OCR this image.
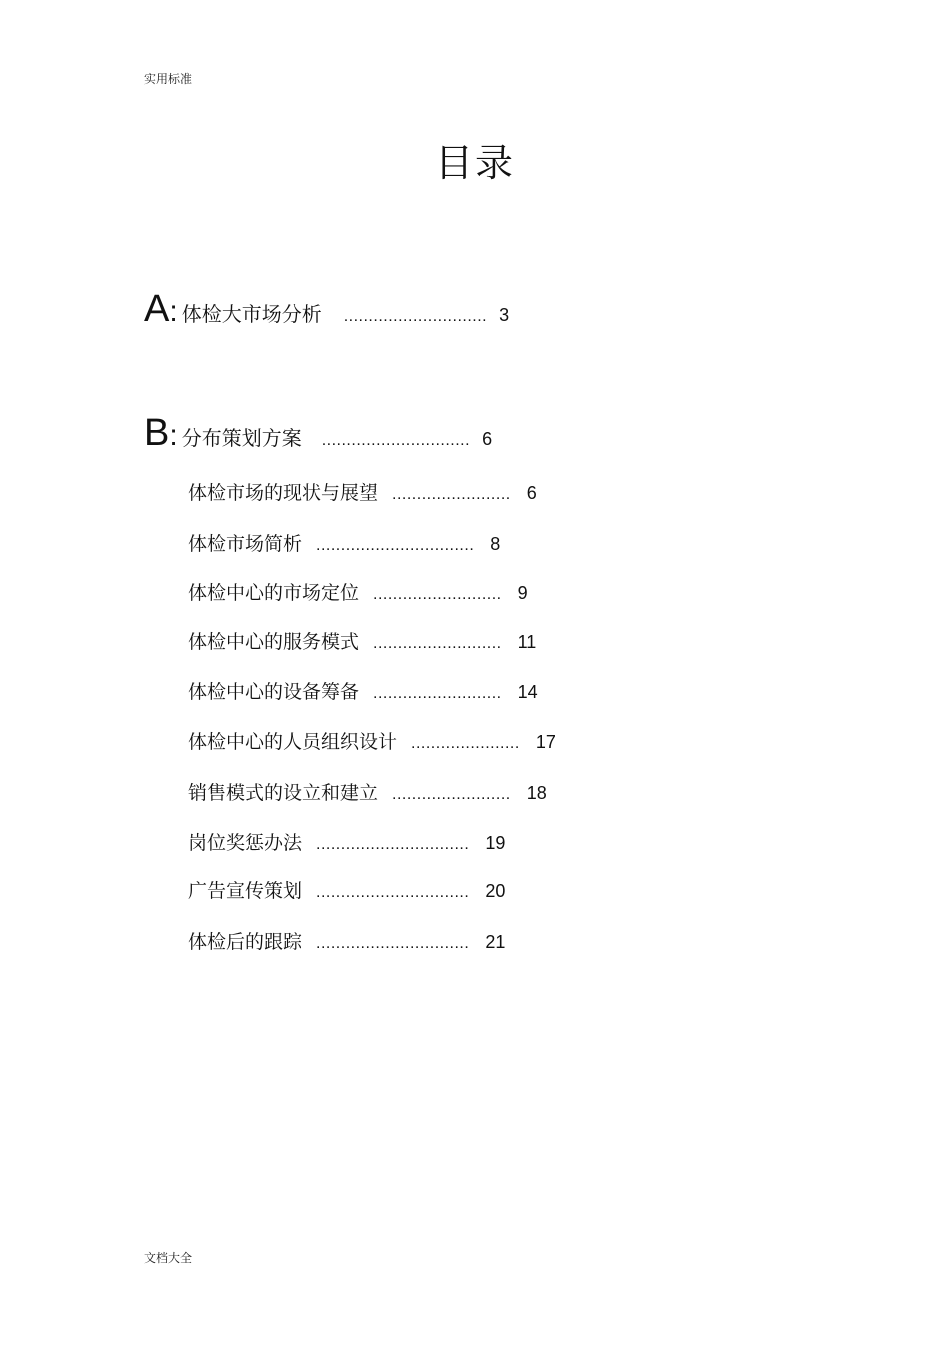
实用标准
目录
A : 体检大市场分析 ............................. 3
B : 分布策划方案 .............................. 6
体检市场的现状与展望 ........................ 6
体检市场简析 ................................ 8
体检中心的市场定位 .......................... 9
体检中心的服务模式 .......................... 11
体检中心的设备筹备 .......................... 14
体检中心的人员组织设计 ...................... 17
销售模式的设立和建立 ........................ 18
岗位奖惩办法 ............................... 19
广告宣传策划 ............................... 20
体检后的跟踪 ............................... 21
文档大全
